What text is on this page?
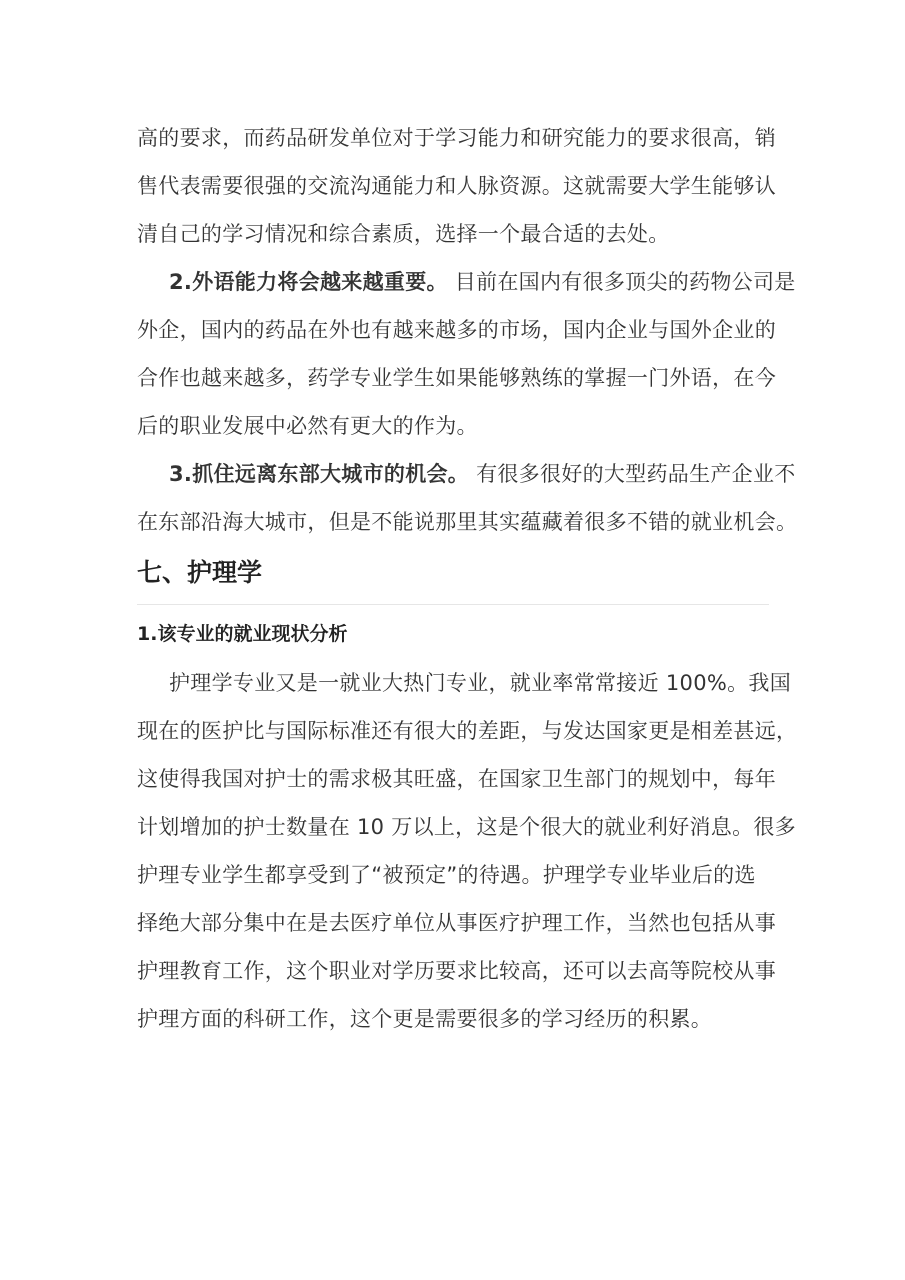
高的要求，而药品研发单位对于学习能力和研究能力的要求很高，销
售代表需要很强的交流沟通能力和人脉资源。这就需要大学生能够认
清自己的学习情况和综合素质，选择一个最合适的去处。
2.外语能力将会越来越重要。 目前在国内有很多顶尖的药物公司是
外企，国内的药品在外也有越来越多的市场，国内企业与国外企业的
合作也越来越多，药学专业学生如果能够熟练的掌握一门外语，在今
后的职业发展中必然有更大的作为。
3.抓住远离东部大城市的机会。 有很多很好的大型药品生产企业不
在东部沿海大城市，但是不能说那里其实蕴藏着很多不错的就业机会。
七、护理学
1.该专业的就业现状分析
护理学专业又是一就业大热门专业，就业率常常接近 100%。我国
现在的医护比与国际标准还有很大的差距，与发达国家更是相差甚远，
这使得我国对护士的需求极其旺盛，在国家卫生部门的规划中，每年
计划增加的护士数量在 10 万以上，这是个很大的就业利好消息。很多
护理专业学生都享受到了“被预定”的待遇。护理学专业毕业后的选
择绝大部分集中在是去医疗单位从事医疗护理工作，当然也包括从事
护理教育工作，这个职业对学历要求比较高，还可以去高等院校从事
护理方面的科研工作，这个更是需要很多的学习经历的积累。
